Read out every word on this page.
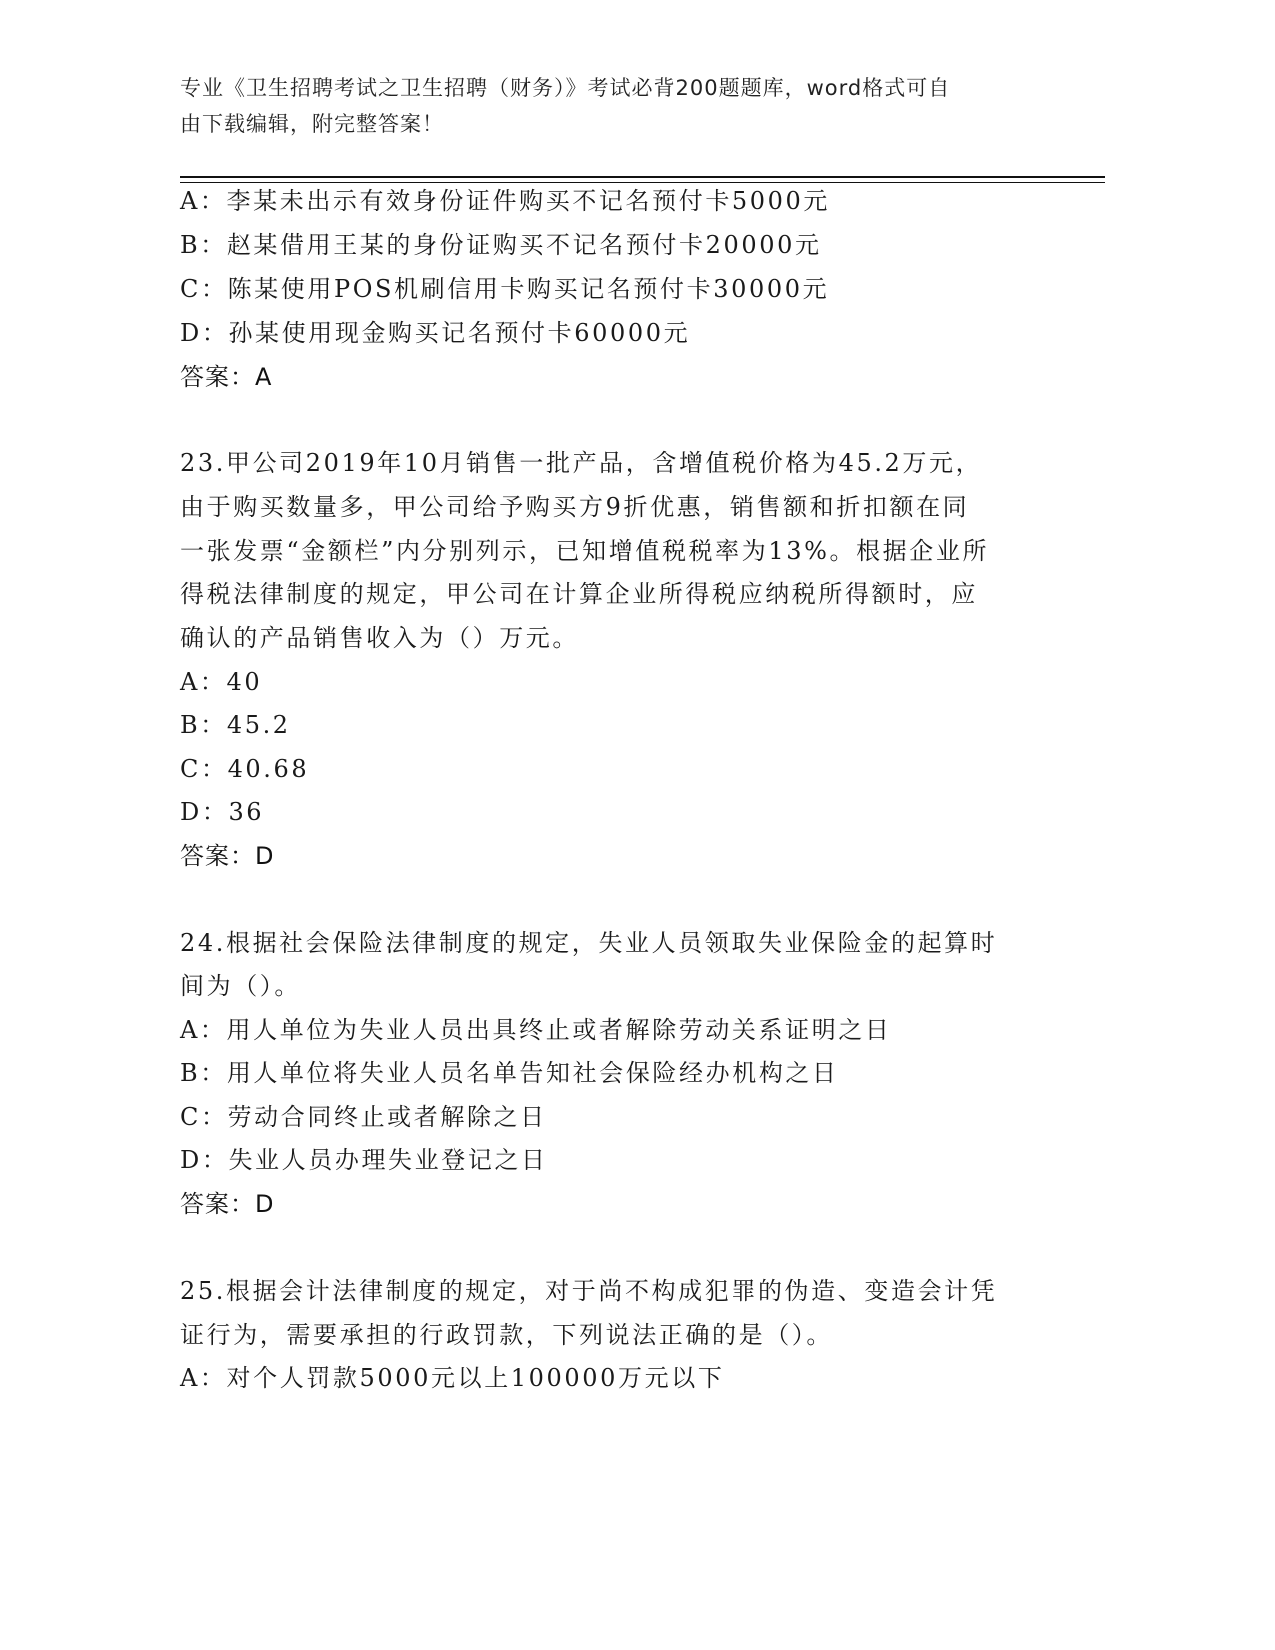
专业《卫生招聘考试之卫生招聘（财务）》考试必背200题题库，word格式可自
由下载编辑，附完整答案！
A：李某未出示有效身份证件购买不记名预付卡5000元
B：赵某借用王某的身份证购买不记名预付卡20000元
C：陈某使用POS机刷信用卡购买记名预付卡30000元
D：孙某使用现金购买记名预付卡60000元
答案：A
23.甲公司2019年10月销售一批产品，含增值税价格为45.2万元，
由于购买数量多，甲公司给予购买方9折优惠，销售额和折扣额在同
一张发票“金额栏”内分别列示，已知增值税税率为13%。根据企业所
得税法律制度的规定，甲公司在计算企业所得税应纳税所得额时，应
确认的产品销售收入为（）万元。
A：40
B：45.2
C：40.68
D：36
答案：D
24.根据社会保险法律制度的规定，失业人员领取失业保险金的起算时
间为（）。
A：用人单位为失业人员出具终止或者解除劳动关系证明之日
B：用人单位将失业人员名单告知社会保险经办机构之日
C：劳动合同终止或者解除之日
D：失业人员办理失业登记之日
答案：D
25.根据会计法律制度的规定，对于尚不构成犯罪的伪造、变造会计凭
证行为，需要承担的行政罚款，下列说法正确的是（）。
A：对个人罚款5000元以上100000万元以下
